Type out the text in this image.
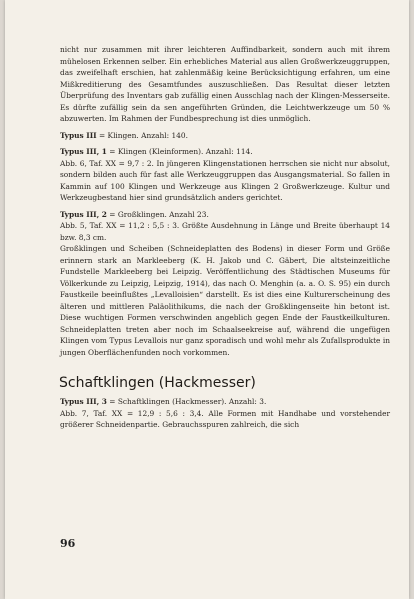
nicht nur zusammen mit ihrer leichteren Auffindbarkeit, sondern auch mit ihrem mühelosen Erkennen selber. Ein erhebliches Material aus allen Großwerkzeuggruppen, das zweifelhaft erschien, hat zahlenmäßig keine Berücksichtigung erfahren, um eine Mißkreditierung des Gesamtfundes auszuschließen. Das Resultat dieser letzten Überprüfung des Inventars gab zufällig einen Ausschlag nach der Klingen-Messerseite. Es dürfte zufällig sein da sen angeführten Gründen, die Leichtwerkzeuge um 50 % abzuwerten. Im Rahmen der Fundbesprechung ist dies unmöglich.

Typus III = Klingen. Anzahl: 140.

Typus III, 1 = Klingen (Kleinformen). Anzahl: 114.

Abb. 6, Taf. XX = 9,7 : 2. In jüngeren Klingenstationen herrschen sie nicht nur absolut, sondern bilden auch für fast alle Werkzeuggruppen das Ausgangsmaterial. So fallen in Kammin auf 100 Klingen und Werkzeuge aus Klingen 2 Großwerkzeuge. Kultur und Werkzeugbestand hier sind grundsätzlich anders gerichtet.

Typus III, 2 = Großklingen. Anzahl 23.

Abb. 5, Taf. XX = 11,2 : 5,5 : 3. Größte Ausdehnung in Länge und Breite überhaupt 14 bzw. 8,3 cm.

Großklingen und Scheiben (Schneideplatten des Bodens) in dieser Form und Größe erinnern stark an Markleeberg (K. H. Jakob und C. Gäbert, Die altsteinzeitliche Fundstelle Markleeberg bei Leipzig. Veröffentlichung des Städtischen Museums für Völkerkunde zu Leipzig, Leipzig, 1914), das nach O. Menghin (a. a. O. S. 95) ein durch Faustkeile beeinflußtes „Levalloisien“ darstellt. Es ist dies eine Kulturerscheinung des älteren und mittleren Paläolithikums, die nach der Großklingenseite hin betont ist. Diese wuchtigen Formen verschwinden angeblich gegen Ende der Faustkeilkulturen. Schneideplatten treten aber noch im Schaalseekreise auf, während die ungefügen Klingen vom Typus Levallois nur ganz sporadisch und wohl mehr als Zufallsprodukte in jungen Oberflächenfunden noch vorkommen.

Schaftklingen (Hackmesser)

Typus III, 3 = Schaftklingen (Hackmesser). Anzahl: 3.

Abb. 7, Taf. XX = 12,9 : 5,6 : 3,4. Alle Formen mit Handhabe und vorstehender größerer Schneidenpartie. Gebrauchsspuren zahlreich, die sich

96
